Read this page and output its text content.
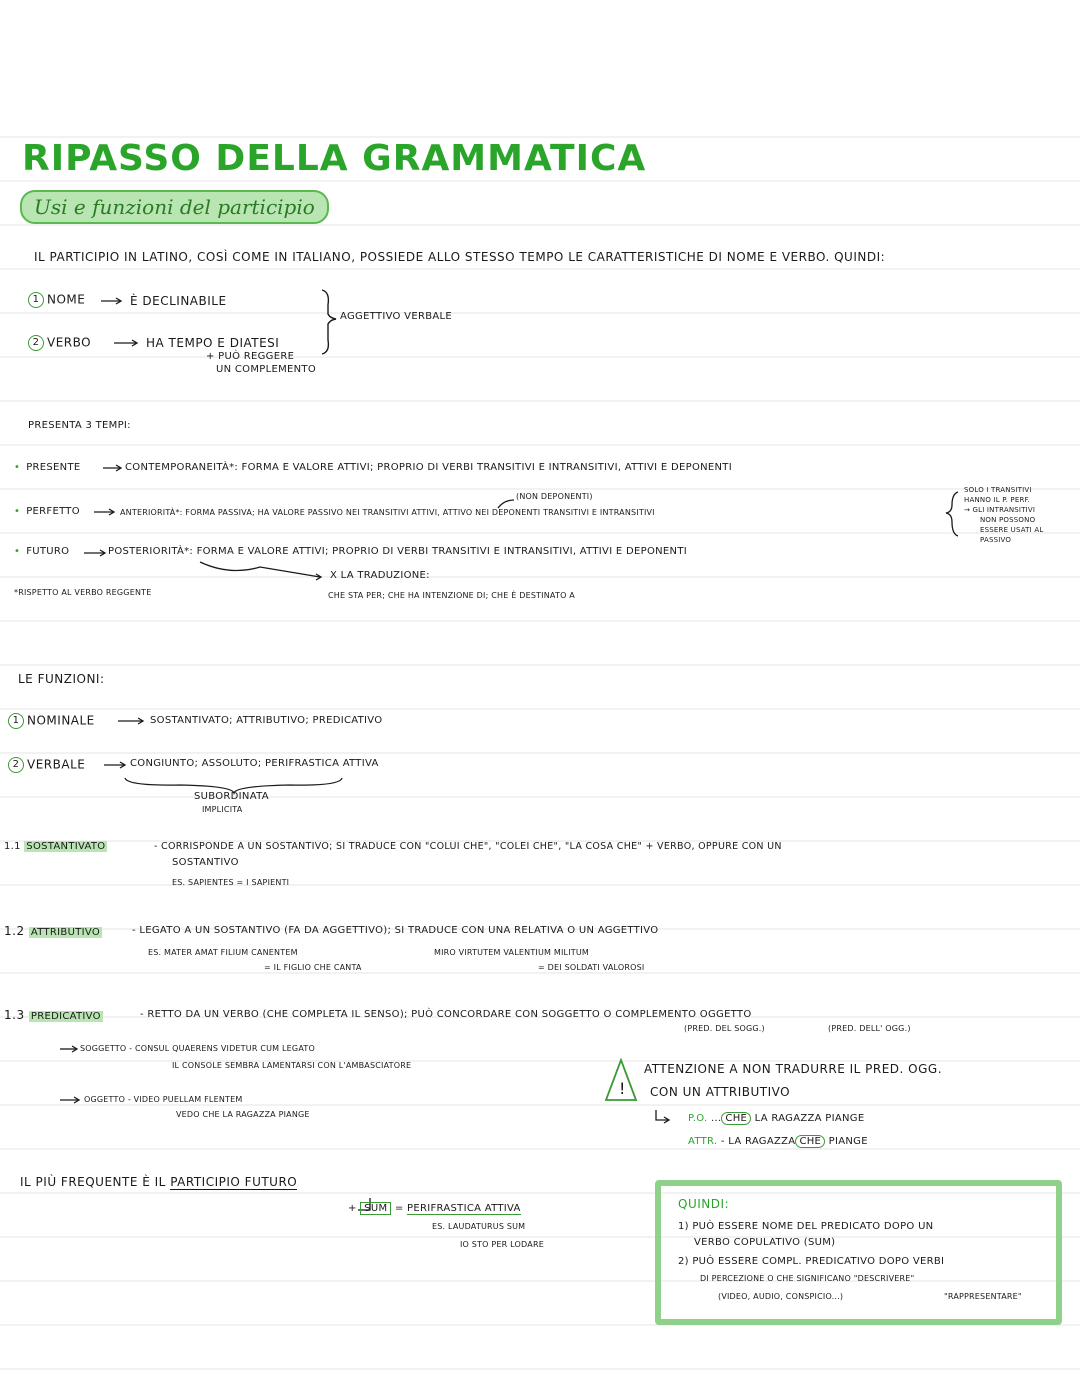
RIPASSO DELLA GRAMMATICA
Usi e funzioni del participio
IL PARTICIPIO IN LATINO, COSÌ COME IN ITALIANO, POSSIEDE ALLO STESSO TEMPO LE CARATTERISTICHE DI NOME E VERBO. QUINDI:
1 NOME	È DECLINABILE
2 VERBO	HA TEMPO E DIATESI
+ PUÒ REGGERE
UN COMPLEMENTO
AGGETTIVO VERBALE
PRESENTA 3 TEMPI:
• PRESENTE	CONTEMPORANEITÀ*: FORMA E VALORE ATTIVI; PROPRIO DI VERBI TRANSITIVI E INTRANSITIVI, ATTIVI E DEPONENTI
(NON DEPONENTI)
• PERFETTO	ANTERIORITÀ*: FORMA PASSIVA; HA VALORE PASSIVO NEI TRANSITIVI ATTIVI, ATTIVO NEI DEPONENTI TRANSITIVI E INTRANSITIVI
SOLO I TRANSITIVI
HANNO IL P. PERF.
→ GLI INTRANSITIVI
NON POSSONO
ESSERE USATI AL
PASSIVO
• FUTURO	POSTERIORITÀ*: FORMA E VALORE ATTIVI; PROPRIO DI VERBI TRANSITIVI E INTRANSITIVI, ATTIVI E DEPONENTI
X LA TRADUZIONE:
CHE STA PER; CHE HA INTENZIONE DI; CHE È DESTINATO A
*RISPETTO AL VERBO REGGENTE
LE FUNZIONI:
1 NOMINALE	SOSTANTIVATO; ATTRIBUTIVO; PREDICATIVO
2 VERBALE	CONGIUNTO; ASSOLUTO; PERIFRASTICA ATTIVA
SUBORDINATA
IMPLICITA
1.1 SOSTANTIVATO	- CORRISPONDE A UN SOSTANTIVO; SI TRADUCE CON "COLUI CHE", "COLEI CHE", "LA COSA CHE" + VERBO, OPPURE CON UN
SOSTANTIVO
ES. SAPIENTES = I SAPIENTI
1.2 ATTRIBUTIVO	- LEGATO A UN SOSTANTIVO (FA DA AGGETTIVO); SI TRADUCE CON UNA RELATIVA O UN AGGETTIVO
ES. MATER AMAT FILIUM CANENTEM
= IL FIGLIO CHE CANTA
MIRO VIRTUTEM VALENTIUM MILITUM
= DEI SOLDATI VALOROSI
1.3 PREDICATIVO	- RETTO DA UN VERBO (CHE COMPLETA IL SENSO); PUÒ CONCORDARE CON SOGGETTO O COMPLEMENTO OGGETTO
(PRED. DEL SOGG.)	(PRED. DELL' OGG.)
SOGGETTO - CONSUL QUAERENS VIDETUR CUM LEGATO
IL CONSOLE SEMBRA LAMENTARSI CON L'AMBASCIATORE
OGGETTO - VIDEO PUELLAM FLENTEM
VEDO CHE LA RAGAZZA PIANGE
!
ATTENZIONE A NON TRADURRE IL PRED. OGG.
CON UN ATTRIBUTIVO
P.O. ... CHE LA RAGAZZA PIANGE
ATTR. - LA RAGAZZA CHE PIANGE
IL PIÙ FREQUENTE È IL PARTICIPIO FUTURO
+ SUM = PERIFRASTICA ATTIVA
ES. LAUDATURUS SUM
IO STO PER LODARE
QUINDI:
1) PUÒ ESSERE NOME DEL PREDICATO DOPO UN
VERBO COPULATIVO (SUM)
2) PUÒ ESSERE COMPL. PREDICATIVO DOPO VERBI
DI PERCEZIONE O CHE SIGNIFICANO "DESCRIVERE"
(VIDEO, AUDIO, CONSPICIO...)	"RAPPRESENTARE"
